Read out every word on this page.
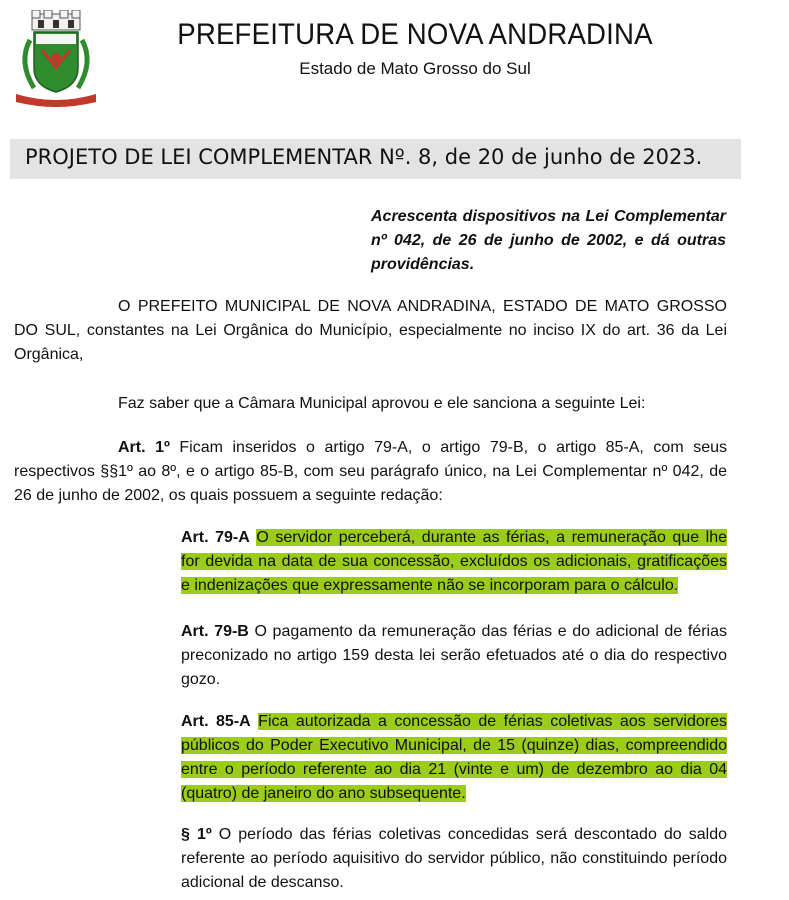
PREFEITURA DE NOVA ANDRADINA
Estado de Mato Grosso do Sul
PROJETO DE LEI COMPLEMENTAR Nº. 8, de 20 de junho de 2023.
Acrescenta dispositivos na Lei Complementar nº 042, de 26 de junho de 2002, e dá outras providências.
O PREFEITO MUNICIPAL DE NOVA ANDRADINA, ESTADO DE MATO GROSSO DO SUL, constantes na Lei Orgânica do Município, especialmente no inciso IX do art. 36 da Lei Orgânica,
Faz saber que a Câmara Municipal aprovou e ele sanciona a seguinte Lei:
Art. 1º Ficam inseridos o artigo 79-A, o artigo 79-B, o artigo 85-A, com seus respectivos §§1º ao 8º, e o artigo 85-B, com seu parágrafo único, na Lei Complementar nº 042, de 26 de junho de 2002, os quais possuem a seguinte redação:
Art. 79-A O servidor perceberá, durante as férias, a remuneração que lhe for devida na data de sua concessão, excluídos os adicionais, gratificações e indenizações que expressamente não se incorporam para o cálculo.
Art. 79-B O pagamento da remuneração das férias e do adicional de férias preconizado no artigo 159 desta lei serão efetuados até o dia do respectivo gozo.
Art. 85-A Fica autorizada a concessão de férias coletivas aos servidores públicos do Poder Executivo Municipal, de 15 (quinze) dias, compreendido entre o período referente ao dia 21 (vinte e um) de dezembro ao dia 04 (quatro) de janeiro do ano subsequente.
§ 1º O período das férias coletivas concedidas será descontado do saldo referente ao período aquisitivo do servidor público, não constituindo período adicional de descanso.
